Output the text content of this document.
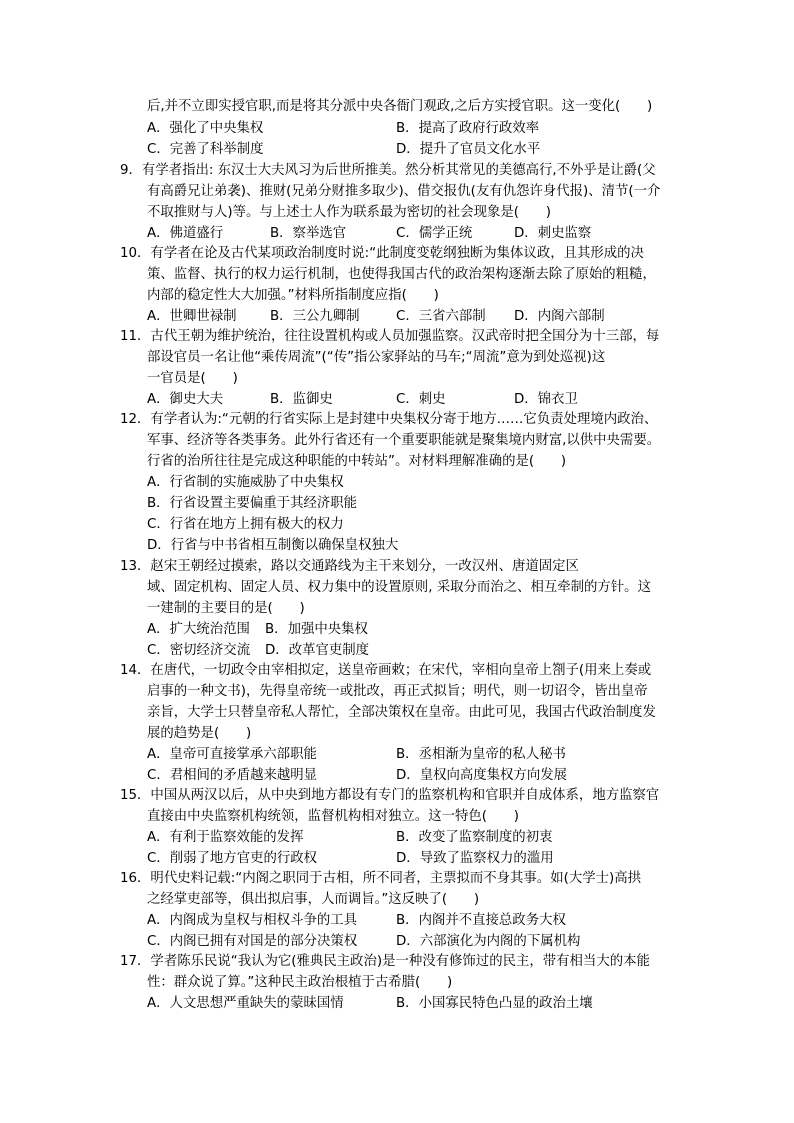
后,并不立即实授官职,而是将其分派中央各衙门观政,之后方实授官职。这一变化(　　)
A．强化了中央集权	B．提高了政府行政效率
C．完善了科举制度	D．提升了官员文化水平
9．有学者指出: 东汉士大夫风习为后世所推美。然分析其常见的美德高行,不外乎是让爵(父
有高爵兄让弟袭)、推财(兄弟分财推多取少)、借交报仇(友有仇怨许身代报)、清节(一介
不取推财与人)等。与上述士人作为联系最为密切的社会现象是(　　)
A．佛道盛行	B．察举选官	C．儒学正统	D．刺史监察
10．有学者在论及古代某项政治制度时说:“此制度变乾纲独断为集体议政，且其形成的决
策、监督、执行的权力运行机制，也使得我国古代的政治架构逐渐去除了原始的粗糙，
内部的稳定性大大加强。”材料所指制度应指(　　)
A．世卿世禄制 B．三公九卿制	C．三省六部制 D．内阁六部制
11．古代王朝为维护统治，往往设置机构或人员加强监察。汉武帝时把全国分为十三部，每
部设官员一名让他“乘传周流”(“传”指公家驿站的马车;“周流”意为到处巡视)这
一官员是(　　)
A．御史大夫	B．监御史	C．刺史	D．锦衣卫
12．有学者认为:“元朝的行省实际上是封建中央集权分寄于地方……它负责处理境内政治、
军事、经济等各类事务。此外行省还有一个重要职能就是聚集境内财富,以供中央需要。
行省的治所往往是完成这种职能的中转站”。对材料理解准确的是(　　)
A．行省制的实施威胁了中央集权
B．行省设置主要偏重于其经济职能
C．行省在地方上拥有极大的权力
D．行省与中书省相互制衡以确保皇权独大
13．赵宋王朝经过摸索，路以交通路线为主干来划分，一改汉州、唐道固定区
域、固定机构、固定人员、权力集中的设置原则, 采取分而治之、相互牵制的方针。这
一建制的主要目的是(　　)
A．扩大统治范围 B．加强中央集权
C．密切经济交流 D．改革官吏制度
14．在唐代，一切政令由宰相拟定，送皇帝画敕；在宋代，宰相向皇帝上劄子(用来上奏或
启事的一种文书)，先得皇帝统一或批改，再正式拟旨；明代，则一切诏令，皆出皇帝
亲旨，大学士只替皇帝私人帮忙，全部决策权在皇帝。由此可见，我国古代政治制度发
展的趋势是(　　)
A．皇帝可直接掌承六部职能	B．丞相渐为皇帝的私人秘书
C．君相间的矛盾越来越明显	D．皇权向高度集权方向发展
15．中国从两汉以后，从中央到地方都设有专门的监察机构和官职并自成体系，地方监察官
直接由中央监察机构统领，监督机构相对独立。这一特色(　　)
A．有利于监察效能的发挥	B．改变了监察制度的初衷
C．削弱了地方官吏的行政权	D．导致了监察权力的滥用
16．明代史料记载:“内阁之职同于古相，所不同者，主票拟而不身其事。如(大学士)高拱
之经掌吏部等，俱出拟启事，人而调旨。”这反映了(　　)
A．内阁成为皇权与相权斗争的工具	B．内阁并不直接总政务大权
C．内阁已拥有对国是的部分决策权	D．六部演化为内阁的下属机构
17．学者陈乐民说“我认为它(雅典民主政治)是一种没有修饰过的民主，带有相当大的本能
性：群众说了算。”这种民主政治根植于古希腊(　　)
A．人文思想严重缺失的蒙昧国情	B．小国寡民特色凸显的政治土壤
